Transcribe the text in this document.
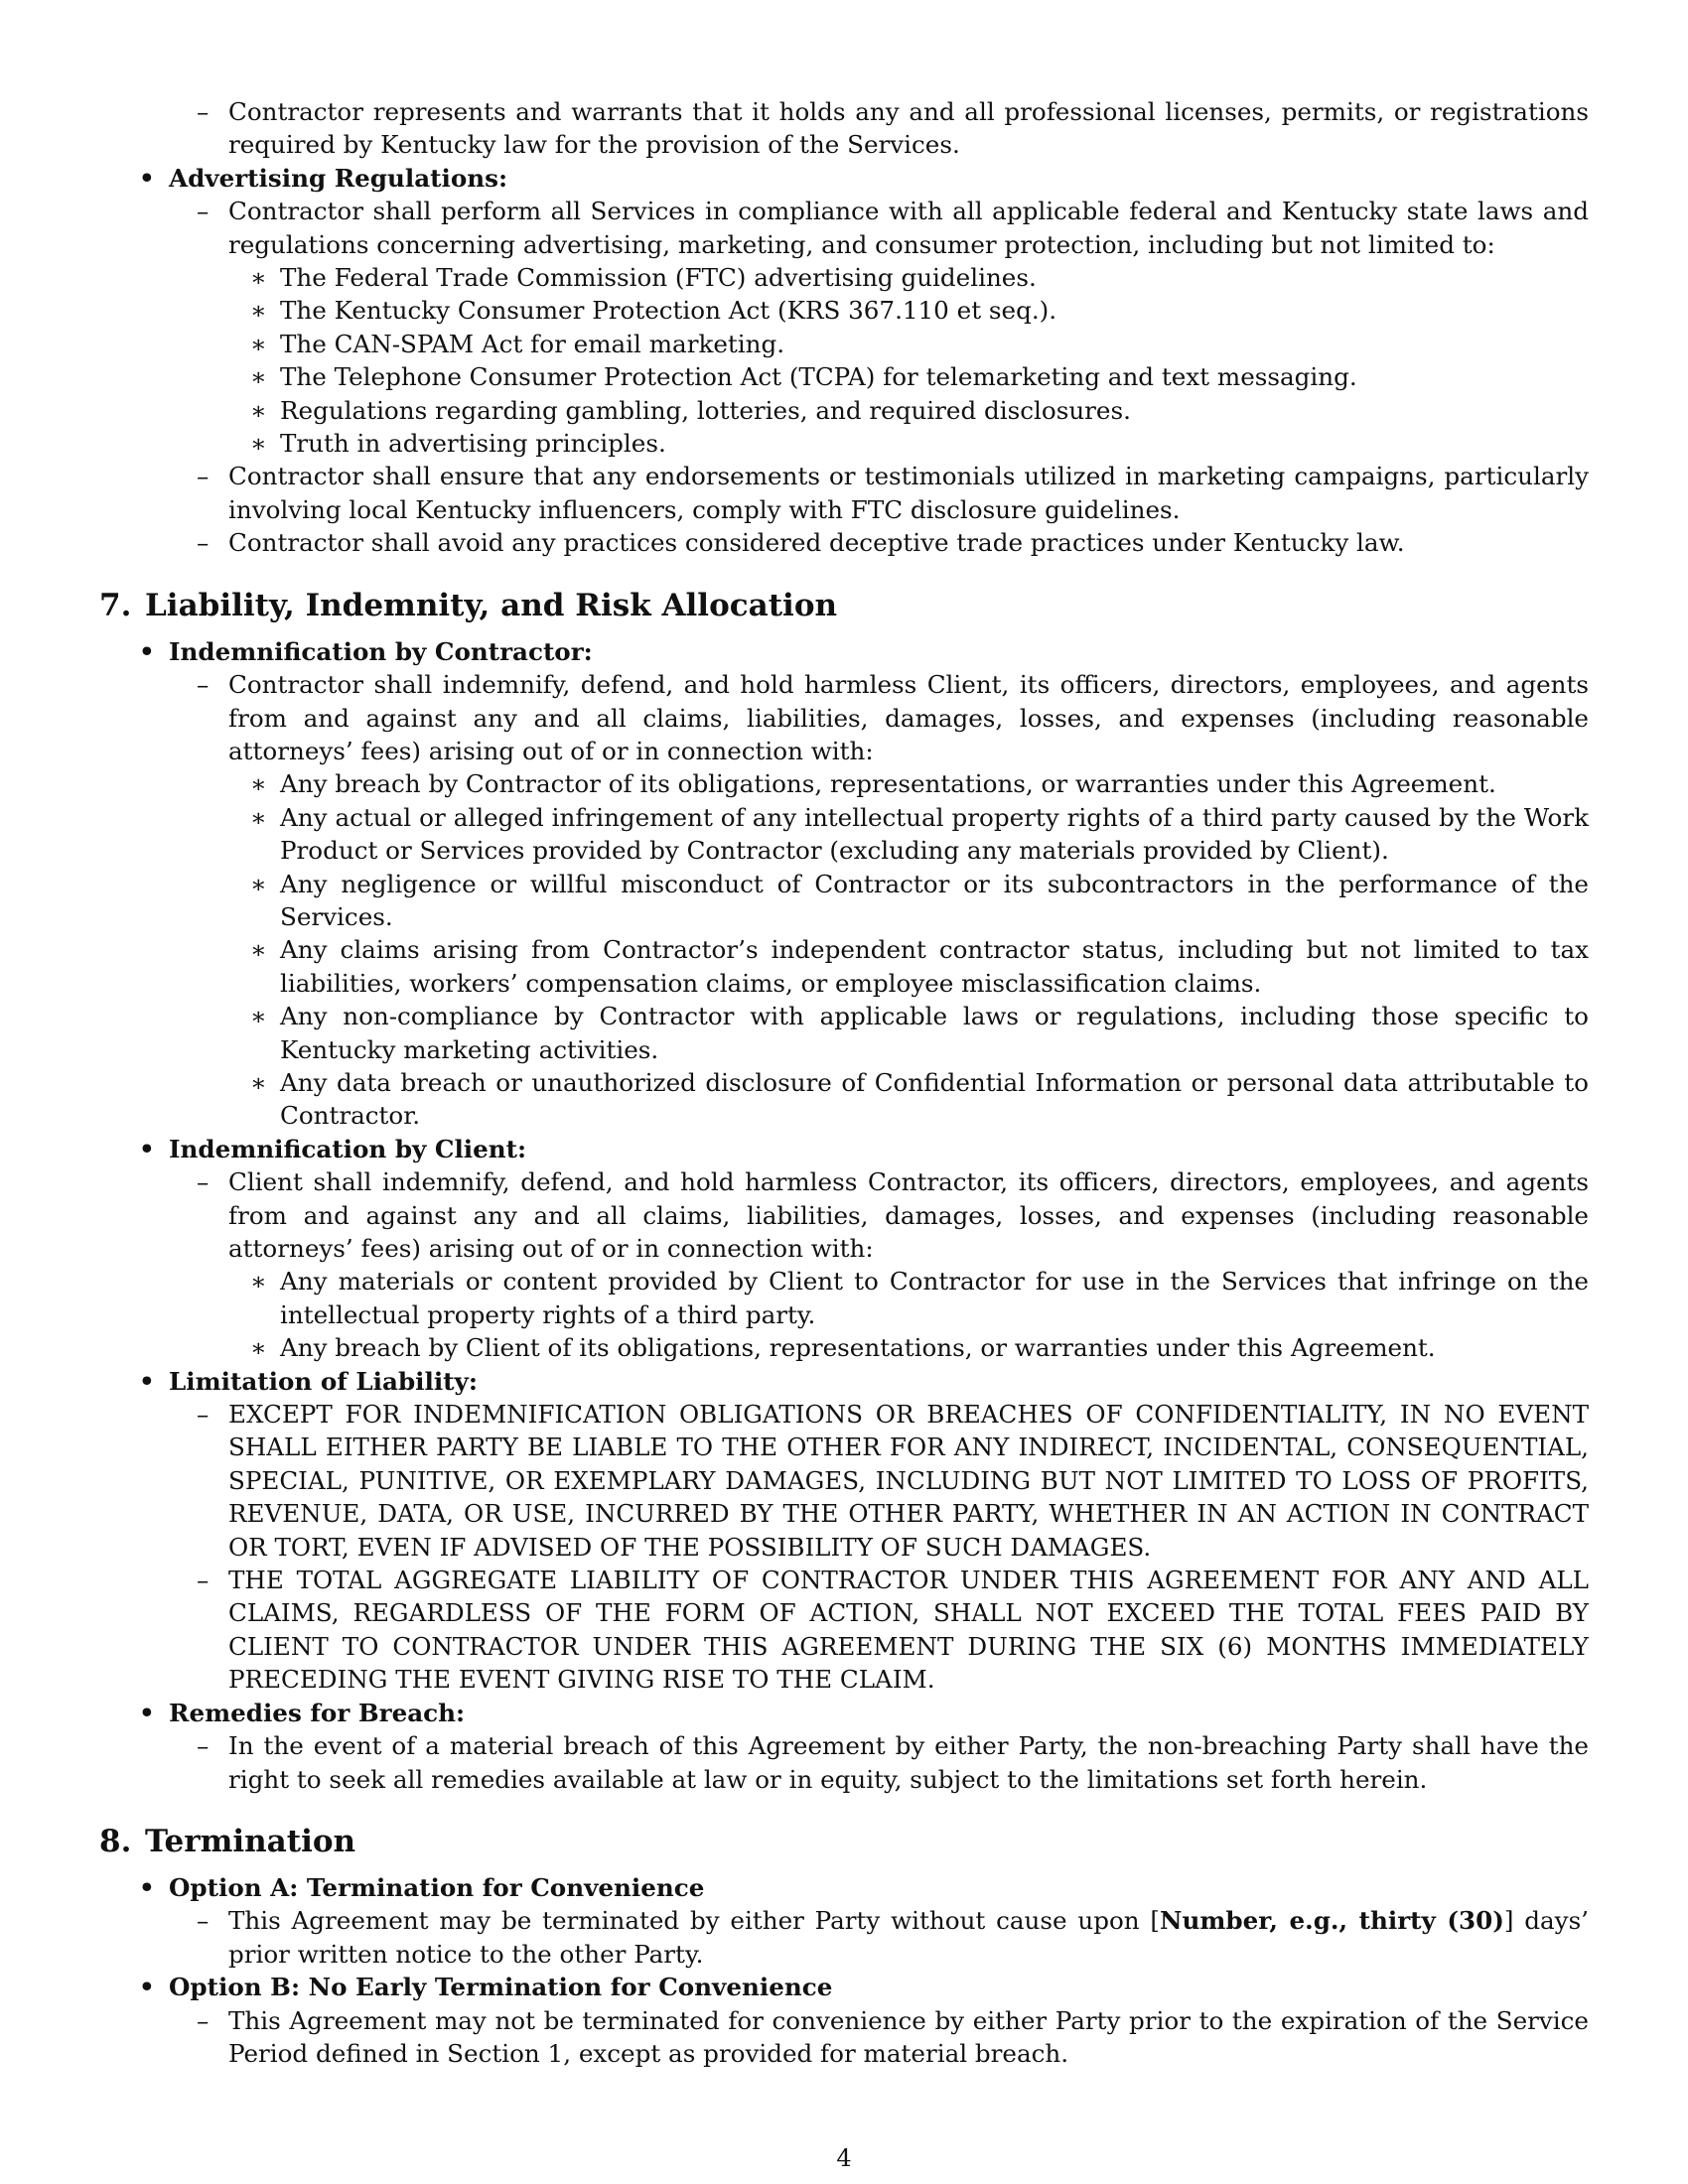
– Contractor represents and warrants that it holds any and all professional licenses, permits, or registrations required by Kentucky law for the provision of the Services.
• Advertising Regulations:
– Contractor shall perform all Services in compliance with all applicable federal and Kentucky state laws and regulations concerning advertising, marketing, and consumer protection, including but not limited to:
∗ The Federal Trade Commission (FTC) advertising guidelines.
∗ The Kentucky Consumer Protection Act (KRS 367.110 et seq.).
∗ The CAN-SPAM Act for email marketing.
∗ The Telephone Consumer Protection Act (TCPA) for telemarketing and text messaging.
∗ Regulations regarding gambling, lotteries, and required disclosures.
∗ Truth in advertising principles.
– Contractor shall ensure that any endorsements or testimonials utilized in marketing campaigns, particularly involving local Kentucky influencers, comply with FTC disclosure guidelines.
– Contractor shall avoid any practices considered deceptive trade practices under Kentucky law.
7. Liability, Indemnity, and Risk Allocation
• Indemnification by Contractor:
– Contractor shall indemnify, defend, and hold harmless Client, its officers, directors, employees, and agents from and against any and all claims, liabilities, damages, losses, and expenses (including reasonable attorneys’ fees) arising out of or in connection with:
∗ Any breach by Contractor of its obligations, representations, or warranties under this Agreement.
∗ Any actual or alleged infringement of any intellectual property rights of a third party caused by the Work Product or Services provided by Contractor (excluding any materials provided by Client).
∗ Any negligence or willful misconduct of Contractor or its subcontractors in the performance of the Services.
∗ Any claims arising from Contractor’s independent contractor status, including but not limited to tax liabilities, workers’ compensation claims, or employee misclassification claims.
∗ Any non-compliance by Contractor with applicable laws or regulations, including those specific to Kentucky marketing activities.
∗ Any data breach or unauthorized disclosure of Confidential Information or personal data attributable to Contractor.
• Indemnification by Client:
– Client shall indemnify, defend, and hold harmless Contractor, its officers, directors, employees, and agents from and against any and all claims, liabilities, damages, losses, and expenses (including reasonable attorneys’ fees) arising out of or in connection with:
∗ Any materials or content provided by Client to Contractor for use in the Services that infringe on the intellectual property rights of a third party.
∗ Any breach by Client of its obligations, representations, or warranties under this Agreement.
• Limitation of Liability:
– EXCEPT FOR INDEMNIFICATION OBLIGATIONS OR BREACHES OF CONFIDENTIALITY, IN NO EVENT SHALL EITHER PARTY BE LIABLE TO THE OTHER FOR ANY INDIRECT, INCIDENTAL, CONSEQUENTIAL, SPECIAL, PUNITIVE, OR EXEMPLARY DAMAGES, INCLUDING BUT NOT LIMITED TO LOSS OF PROFITS, REVENUE, DATA, OR USE, INCURRED BY THE OTHER PARTY, WHETHER IN AN ACTION IN CONTRACT OR TORT, EVEN IF ADVISED OF THE POSSIBILITY OF SUCH DAMAGES.
– THE TOTAL AGGREGATE LIABILITY OF CONTRACTOR UNDER THIS AGREEMENT FOR ANY AND ALL CLAIMS, REGARDLESS OF THE FORM OF ACTION, SHALL NOT EXCEED THE TOTAL FEES PAID BY CLIENT TO CONTRACTOR UNDER THIS AGREEMENT DURING THE SIX (6) MONTHS IMMEDIATELY PRECEDING THE EVENT GIVING RISE TO THE CLAIM.
• Remedies for Breach:
– In the event of a material breach of this Agreement by either Party, the non-breaching Party shall have the right to seek all remedies available at law or in equity, subject to the limitations set forth herein.
8. Termination
• Option A: Termination for Convenience
– This Agreement may be terminated by either Party without cause upon [Number, e.g., thirty (30)] days’ prior written notice to the other Party.
• Option B: No Early Termination for Convenience
– This Agreement may not be terminated for convenience by either Party prior to the expiration of the Service Period defined in Section 1, except as provided for material breach.
4
